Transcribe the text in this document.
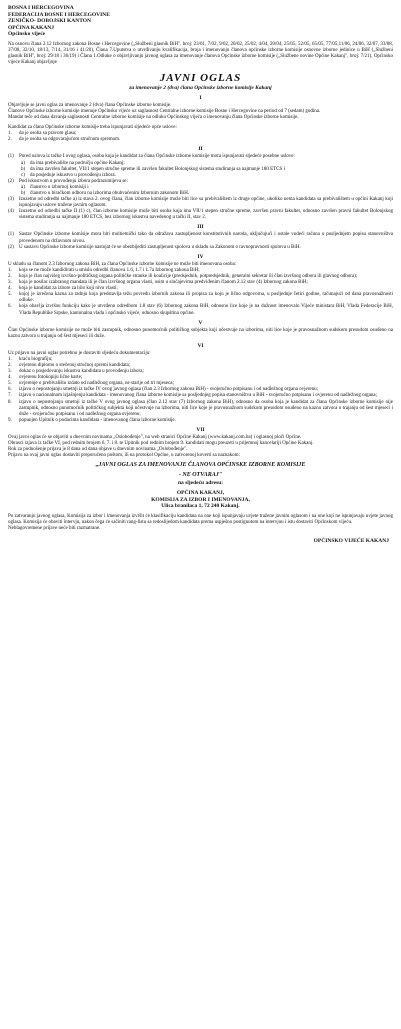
BOSNA I HERCEGOVINA
FEDERACIJA BOSNE I HERCEGOVINE
ZENIČKO- DOBOJSKI KANTON
OPĆINA KAKANJ
Općinsko vijeće

Na osnovu člana 2.12 Izbornog zakona Bosne i Hercegovine („Službeni glasnik BiH", broj: 23/01, 7/02, 9/02, 20/02, 25/02, 4/04, 20/04, 25/05, 52/05, 65/05, 77/05,11/06, 24/06, 32/07, 33/08, 37/08, 32/10, 18/13, 7/14, 31/16 i 41/20), Člana 7.Uputstva o utvrđivanju kvalifikacija, broja i imenovanju članova općinske izborne komisije osnovne izborne jedinice u BiH („Službeni glasnik BiH", broj: 29/18 i 36/19) i Člana 1.Odluke o objavljivanju javnog oglasa za imenovanje članova Općinske izborne komisije („Službene novine Općine Kakanj", broj: 7/21), Općinsko vijeće Kakanj objavljuje

JAVNI OGLAS
za imenovanje 2 (dva) člana Općinske izborne komisije Kakanj
I

Objavljuje se javni oglas za imenovanje 2 (dva) člana Općinske izborne komisije.

Članove Općinske izborne komisije imenuje Općinsko vijeće uz saglasnost Centralne izborne komisije Bosne i Hercegovine na period od 7 (sedam) godina.

Mandat teče od dana davanja saglasnosti Centralne izborne komisije na odluku Općinskog vijeća o imenovanju člana Općinske izborne komisije.

Kandidat za člana Općinske izborne komisije treba ispunjavati sljedeće opće uslove:

1.	da je osoba sa pravom glasa;
2.	da je osoba sa odgovarajućom stručnom spremom.
II
(1)	Pored uslova iz tačke I ovog oglasa, osoba koja je kandidat za člana Općinske izborne komisije mora ispunjavati sljedeće posebne uslove:
a)	da ima prebivalište na području općine Kakanj;
b) da ima završen fakultet, VII/1 stepen stručne spreme ili završen fakultet Bolonjskog sistema studiranja sa najmanje 180 ETCS i
c)	da posjeduje iskustvo u provođenju izbora.
(2)	Pod iskustvom u provođenju izbora podrazumijeva se:
a)	članstvo u izbornoj komisiji i
b) članstvo u biračkom odboru na izborima obuhvaćenim Izbornim zakonom BiH.
(3)	Izuzetno od odredbi tačke a) iz stava 2. ovog člana, član izborne komisije može biti lice sa prebivalištem iz druge općine, ukoliko nema kandidata sa prebivalištem u općini Kakanj koji ispunjavaju uslove tražene javnim oglasom.
(4)	Izuzetno od odredbi tačke II (1) c), član izborne komisije može biti osoba koja ima VII/1 stepen stručne spreme, završen pravni fakultet, odnosno završen pravni fakultet Bolonjskog sistema studiranja sa najmanje 180 ETCS, bez izbornog iskustva navedenog u tački II, stav 2.
III
(1)	Sastav Općinske izborne komisije mora biti multietnički tako da odražava zastupljenost konstitutivnih naroda, uključujući i ostale vodeći računa o posljednjem popisu stanovništva provedenom na državnom nivou.
(2)	U sastavu Općinske izborne komisije nastojat će se obezbijediti zastupljenost spolova u skladu sa Zakonom o ravnopravnosti spolova u BiH.
IV

U skladu sa članom 2.3 Izbornog zakona BiH, za člana Općinske izborne komisije ne može biti imenovana osoba:

1.	koja se ne može kandidirati u smislu odredbi članova 1.6, 1.7 i 1.7a Izbornog zakona BiH;
2.	koja je član najvišeg izvršno-političkog organa političke stranke ili koalicije (predsjednik, potpredsjednik, generalni sekretar ili član izvršnog odbora ili glavnog odbora);
3.	koja je nosilac izabranog mandata ili je član izvršnog organa vlasti, osim u slučajevima predviđenim članom 2.12 stav (4) Izbornog zakona BiH;
4.	koja je kandidat za izbore za bilo koji nivo vlasti;
5.	kojoj je izrečena kazna za radnju koja predstavlja težu povredu izbornih zakona ili propisa za koju je lično odgovorna, u posljednje četiri godine, računajući od dana pravosnažnosti odluke.
6.	koja obavlja izvršnu funkciju kako je utvrđeno odredbom 1.8 stav (6) Izbornog zakona BiH, odnosno lice koje je na dužnost imenovalo Vijeće ministara BiH, Vlada Federacije BiH, Vlada Republike Srpske, kantonalna vlada i općinsko vijeće, odnosno skupština općine.
V

Član Općinske izborne komisije ne može biti zastupnik, odnosno punomoćnik političkog subjekta koji učestvuje na izborima, niti lice koje je pravosnažnom sudskom presudom osuđeno na kaznu zatvora u trajanju od šest mjeseci ili duže.

VI

Uz prijavu na javni oglas potrebno je dostaviti sljedeću dokumentaciju:

1.	kraću biografiju;
2.	ovjerenu diplomu o stečenoj stručnoj spremi kandidata;
3.	dokaz o posjedovanju iskustva kandidata u provođenju izbora;
4.	ovjerenu fotokopiju lične karte;
5.	uvjerenje o prebivalištu izdato od nadležnog organa, ne starije od tri mjeseca;
6.	izjavu o nepostojanju smetnji iz tačke IV ovog javnog oglasa (član 2.3 Izbornog zakona BiH) - svojeručno potpisanu i od nadležnog organa ovjerenu;
7.	izjavu o nacionalnom izjašnjenju kandidata - imenovanog člana izborne komisije sa posljednjeg popisa stanovništva u BiH - svojeručno potpisanu i ovjerenu od nadležnog organa;
8.	izjavu o nepostojanju smetnji iz tačke V ovog javnog oglasa (član 2.12 stav (7) Izbornog zakona BiH), odnosno da osoba koja je kandidat za člana Općinske izborne komisije nije zastupnik, odnosno punomoćnik političkog subjekta koji učestvuje na izborima, niti lice koje je pravosnažnom sudskom presudom osuđeno na kaznu zatvora u trajanju od šest mjeseci i duže - svojeručno potpisanu i od nadležnog organa ovjerenu;
9.	popunjen Upitnik o podacima kandidata - imenovanog člana izborne komisije.
VII

Ovaj javni oglas će se objaviti u dnevnim novinama „Oslobođenje", na web stranici Općine Kakanj (www.kakanj.com.ba) i oglasnoj ploči Općine.

Obrasci izjava iz tačke VI, pod rednim brojem 6, 7. i 8. te Upitnik pod rednim brojem 9. kandidati mogu preuzeti u prijemnoj kancelariji Općine Kakanj.

Rok za podnošenje prijava je 8 dana od dana objave u dnevnim novinama „Oslobođenje".

Prijavu na ovaj javni oglas dostaviti preporučeno poštom, ili na protokol Općine, u zatvorenoj koverti sa naznakom:

„JAVNI OGLAS ZA IMENOVANJE ČLANOVA OPĆINSKE IZBORNE KOMISIJE
- NE OTVARAJ"
na sljedeću adresu:
OPĆINA KAKANJ,
KOMISIJA ZA IZBOR I IMENOVANJA,
Ulica branilaca 1, 72 240 Kakanj.

Po zatvaranju javnog oglasa, Komisija za izbor i imenovanja izvršit će klasifikaciju kandidata na one koji ispunjavaju uvjete tražene javnim oglasom i na one koji ne ispunjavaju uvjete javnog oglasa. Komisija će obaviti intervju, nakon čega će sačiniti rang-listu sa redoslijedom kandidata prema uspješno postignutom na intervjuu i istu dostaviti Općinskom vijeću.
Neblagovremene prijave neće biti razmatrane.

OPĆINSKO VIJEĆE KAKANJ
